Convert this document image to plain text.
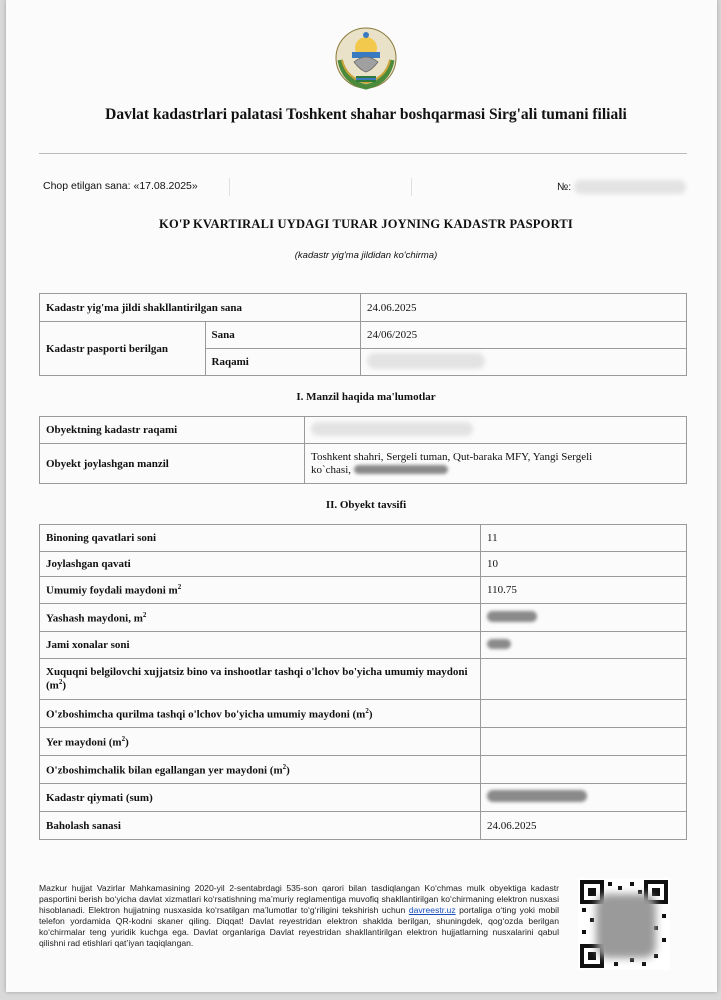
Davlat kadastrlari palatasi Toshkent shahar boshqarmasi Sirg'ali tumani filiali
Chop etilgan sana: «17.08.2025»	№:
KO'P KVARTIRALI UYDAGI TURAR JOYNING KADASTR PASPORTI
(kadastr yig'ma jildidan ko'chirma)
Kadastr yig'ma jildi shakllantirilgan sana		24.06.2025
Kadastr pasporti berilgan	Sana	24/06/2025
	Raqami	
I. Manzil haqida ma'lumotlar
Obyektning kadastr raqami	
Obyekt joylashgan manzil	Toshkent shahri, Sergeli tuman, Qut-baraka MFY, Yangi Sergeli
ko`chasi,
II. Obyekt tavsifi
Binoning qavatlari soni	11
Joylashgan qavati	10
Umumiy foydali maydoni $m^2$	110.75
Yashash maydoni, $m^2$	
Jami xonalar soni	
Xuquqni belgilovchi xujjatsiz bino va inshootlar tashqi o'lchov bo'yicha umumiy maydoni $(m^2)$	
O'zboshimcha qurilma tashqi o'lchov bo'yicha umumiy maydoni $(m^2)$	
Yer maydoni $(m^2)$	
O'zboshimchalik bilan egallangan yer maydoni $(m^2)$	
Kadastr qiymati (sum)	
Baholash sanasi	24.06.2025
Mazkur hujjat Vazirlar Mahkamasining 2020-yil 2-sentabrdagi 535-son qarori bilan tasdiqlangan Ko‘chmas mulk obyektiga kadastr pasportini berish bo‘yicha davlat xizmatlari ko‘rsatishning ma’muriy reglamentiga muvofiq shakllantirilgan ko‘chirmaning elektron nusxasi hisoblanadi. Elektron hujjatning nusxasida ko‘rsatilgan ma’lumotlar to‘g‘riligini tekshirish uchun davreestr.uz portaliga o‘ting yoki mobil telefon yordamida QR-kodni skaner qiling. Diqqat! Davlat reyestridan elektron shaklda berilgan, shuningdek, qog‘ozda berilgan ko‘chirmalar teng yuridik kuchga ega. Davlat organlariga Davlat reyestridan shakllantirilgan elektron hujjatlarning nusxalarini qabul qilishni rad etishlari qat’iyan taqiqlangan.
